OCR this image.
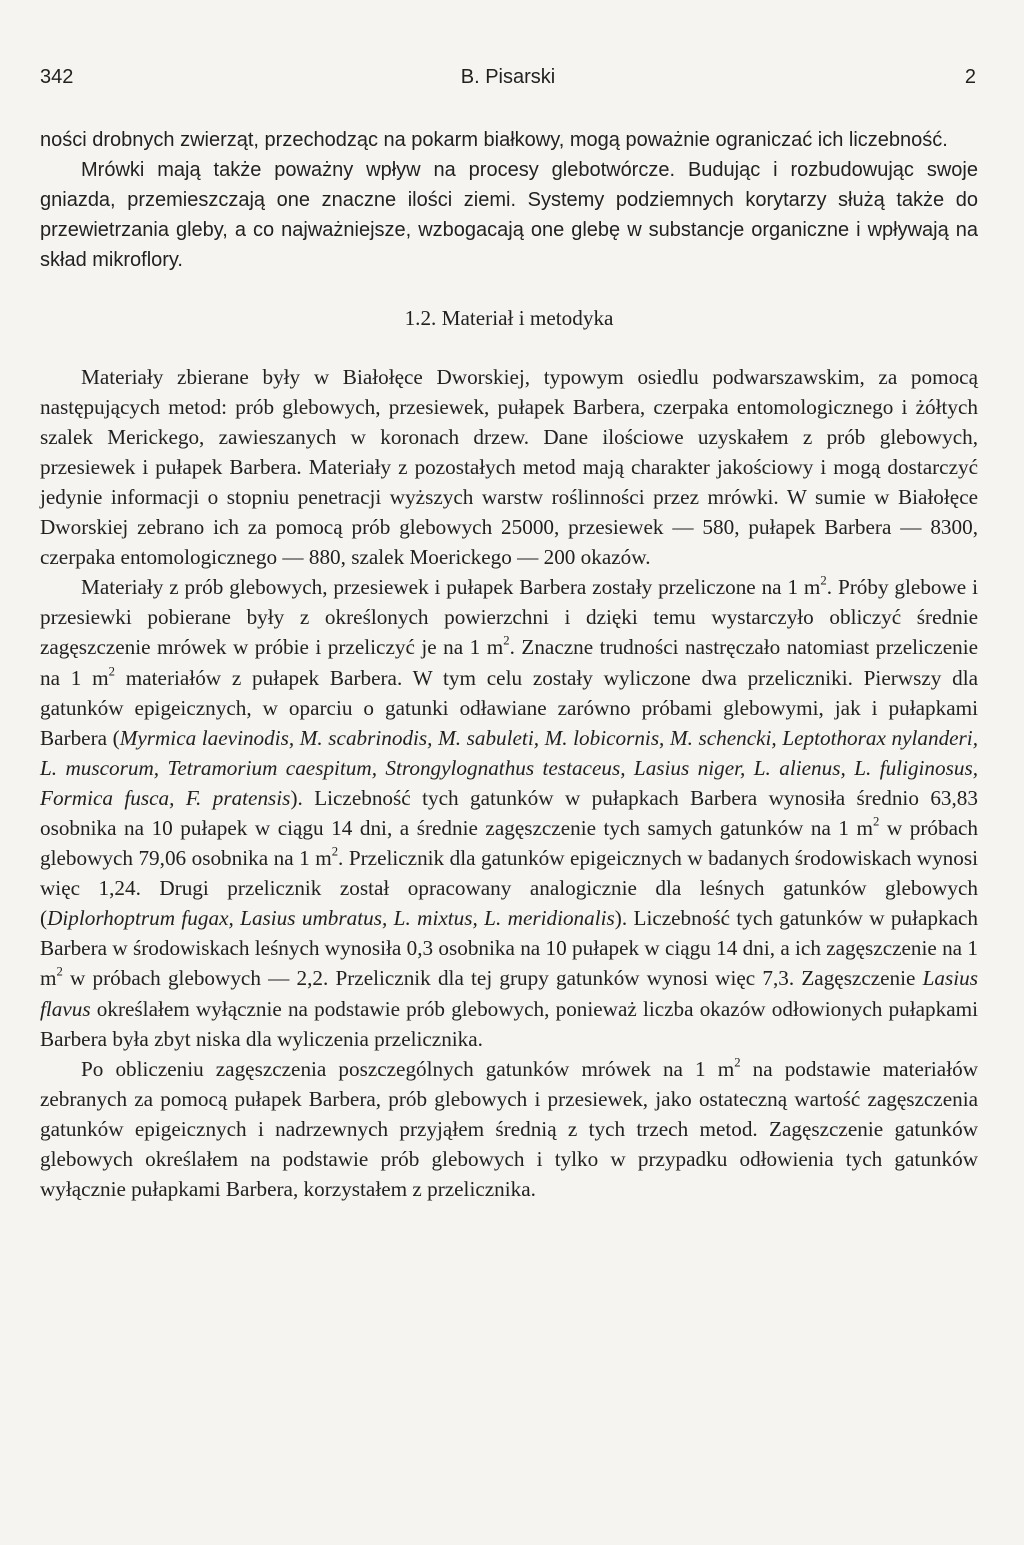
342	B. Pisarski	2

ności drobnych zwierząt, przechodząc na pokarm białkowy, mogą poważnie ograniczać ich liczebność.

Mrówki mają także poważny wpływ na procesy glebotwórcze. Budując i rozbudowując swoje gniazda, przemieszczają one znaczne ilości ziemi. Systemy podziemnych korytarzy służą także do przewietrzania gleby, a co najważniejsze, wzbogacają one glebę w substancje organiczne i wpływają na skład mikroflory.

1.2. Materiał i metodyka

Materiały zbierane były w Białołęce Dworskiej, typowym osiedlu podwarszawskim, za pomocą następujących metod: prób glebowych, przesiewek, pułapek Barbera, czerpaka entomologicznego i żółtych szalek Merickego, zawieszanych w koronach drzew. Dane ilościowe uzyskałem z prób glebowych, przesiewek i pułapek Barbera. Materiały z pozostałych metod mają charakter jakościowy i mogą dostarczyć jedynie informacji o stopniu penetracji wyższych warstw roślinności przez mrówki. W sumie w Białołęce Dworskiej zebrano ich za pomocą prób glebowych 25000, przesiewek — 580, pułapek Barbera — 8300, czerpaka entomologicznego — 880, szalek Moerickego — 200 okazów.

Materiały z prób glebowych, przesiewek i pułapek Barbera zostały przeliczone na 1 $m^2$. Próby glebowe i przesiewki pobierane były z określonych powierzchni i dzięki temu wystarczyło obliczyć średnie zagęszczenie mrówek w próbie i przeliczyć je na 1 $m^2$. Znaczne trudności nastręczało natomiast przeliczenie na 1 $m^2$ materiałów z pułapek Barbera. W tym celu zostały wyliczone dwa przeliczniki. Pierwszy dla gatunków epigeicznych, w oparciu o gatunki odławiane zarówno próbami glebowymi, jak i pułapkami Barbera (Myrmica laevinodis, M. scabrinodis, M. sabuleti, M. lobicornis, M. schencki, Leptothorax nylanderi, L. muscorum, Tetramorium caespitum, Strongylognathus testaceus, Lasius niger, L. alienus, L. fuliginosus, Formica fusca, F. pratensis). Liczebność tych gatunków w pułapkach Barbera wynosiła średnio 63,83 osobnika na 10 pułapek w ciągu 14 dni, a średnie zagęszczenie tych samych gatunków na 1 $m^2$ w próbach glebowych 79,06 osobnika na 1 $m^2$. Przelicznik dla gatunków epigeicznych w badanych środowiskach wynosi więc 1,24. Drugi przelicznik został opracowany analogicznie dla leśnych gatunków glebowych (Diplorhoptrum fugax, Lasius umbratus, L. mixtus, L. meridionalis). Liczebność tych gatunków w pułapkach Barbera w środowiskach leśnych wynosiła 0,3 osobnika na 10 pułapek w ciągu 14 dni, a ich zagęszczenie na 1 $m^2$ w próbach glebowych — 2,2. Przelicznik dla tej grupy gatunków wynosi więc 7,3. Zagęszczenie Lasius flavus określałem wyłącznie na podstawie prób glebowych, ponieważ liczba okazów odłowionych pułapkami Barbera była zbyt niska dla wyliczenia przelicznika.

Po obliczeniu zagęszczenia poszczególnych gatunków mrówek na 1 $m^2$ na podstawie materiałów zebranych za pomocą pułapek Barbera, prób glebowych i przesiewek, jako ostateczną wartość zagęszczenia gatunków epigeicznych i nadrzewnych przyjąłem średnią z tych trzech metod. Zagęszczenie gatunków glebowych określałem na podstawie prób glebowych i tylko w przypadku odłowienia tych gatunków wyłącznie pułapkami Barbera, korzystałem z przelicznika.
